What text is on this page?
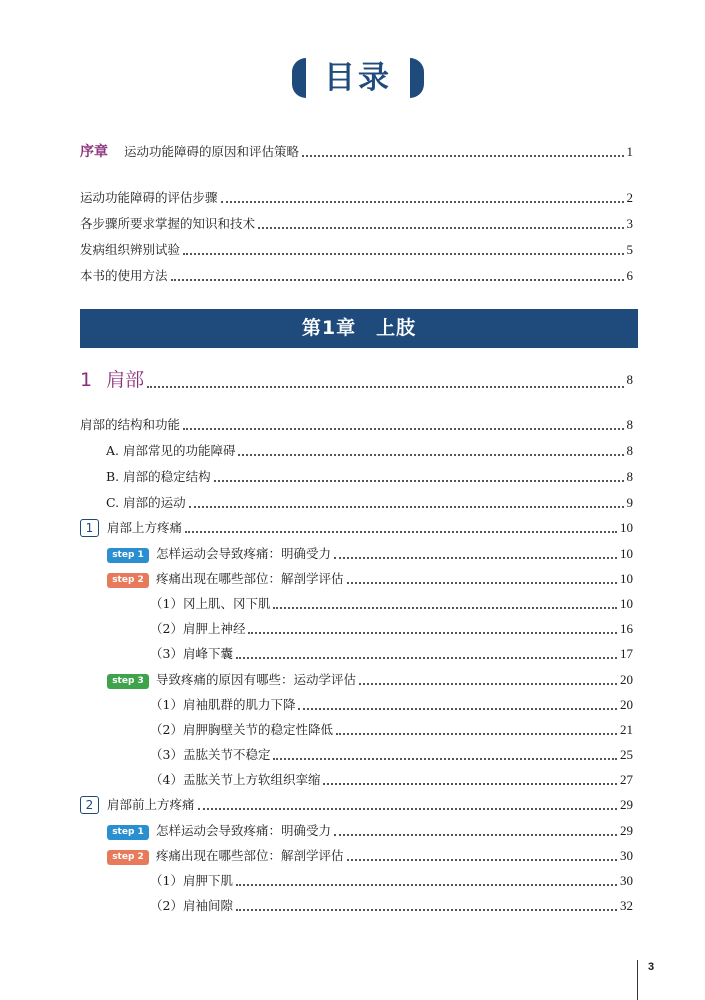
目录
序章 运动功能障碍的原因和评估策略	1
运动功能障碍的评估步骤	2
各步骤所要求掌握的知识和技术	3
发病组织辨别试验	5
本书的使用方法	6
第1章　上肢
1 肩部	8
肩部的结构和功能	8
A. 肩部常见的功能障碍	8
B. 肩部的稳定结构	8
C. 肩部的运动	9
1	肩部上方疼痛	10
step 1 怎样运动会导致疼痛：明确受力	10
step 2 疼痛出现在哪些部位：解剖学评估	10
（1）冈上肌、冈下肌	10
（2）肩胛上神经	16
（3）肩峰下囊	17
step 3 导致疼痛的原因有哪些：运动学评估	20
（1）肩袖肌群的肌力下降	20
（2）肩胛胸壁关节的稳定性降低	21
（3）盂肱关节不稳定	25
（4）盂肱关节上方软组织挛缩	27
2	肩部前上方疼痛	29
step 1 怎样运动会导致疼痛：明确受力	29
step 2 疼痛出现在哪些部位：解剖学评估	30
（1）肩胛下肌	30
（2）肩袖间隙	32
3
